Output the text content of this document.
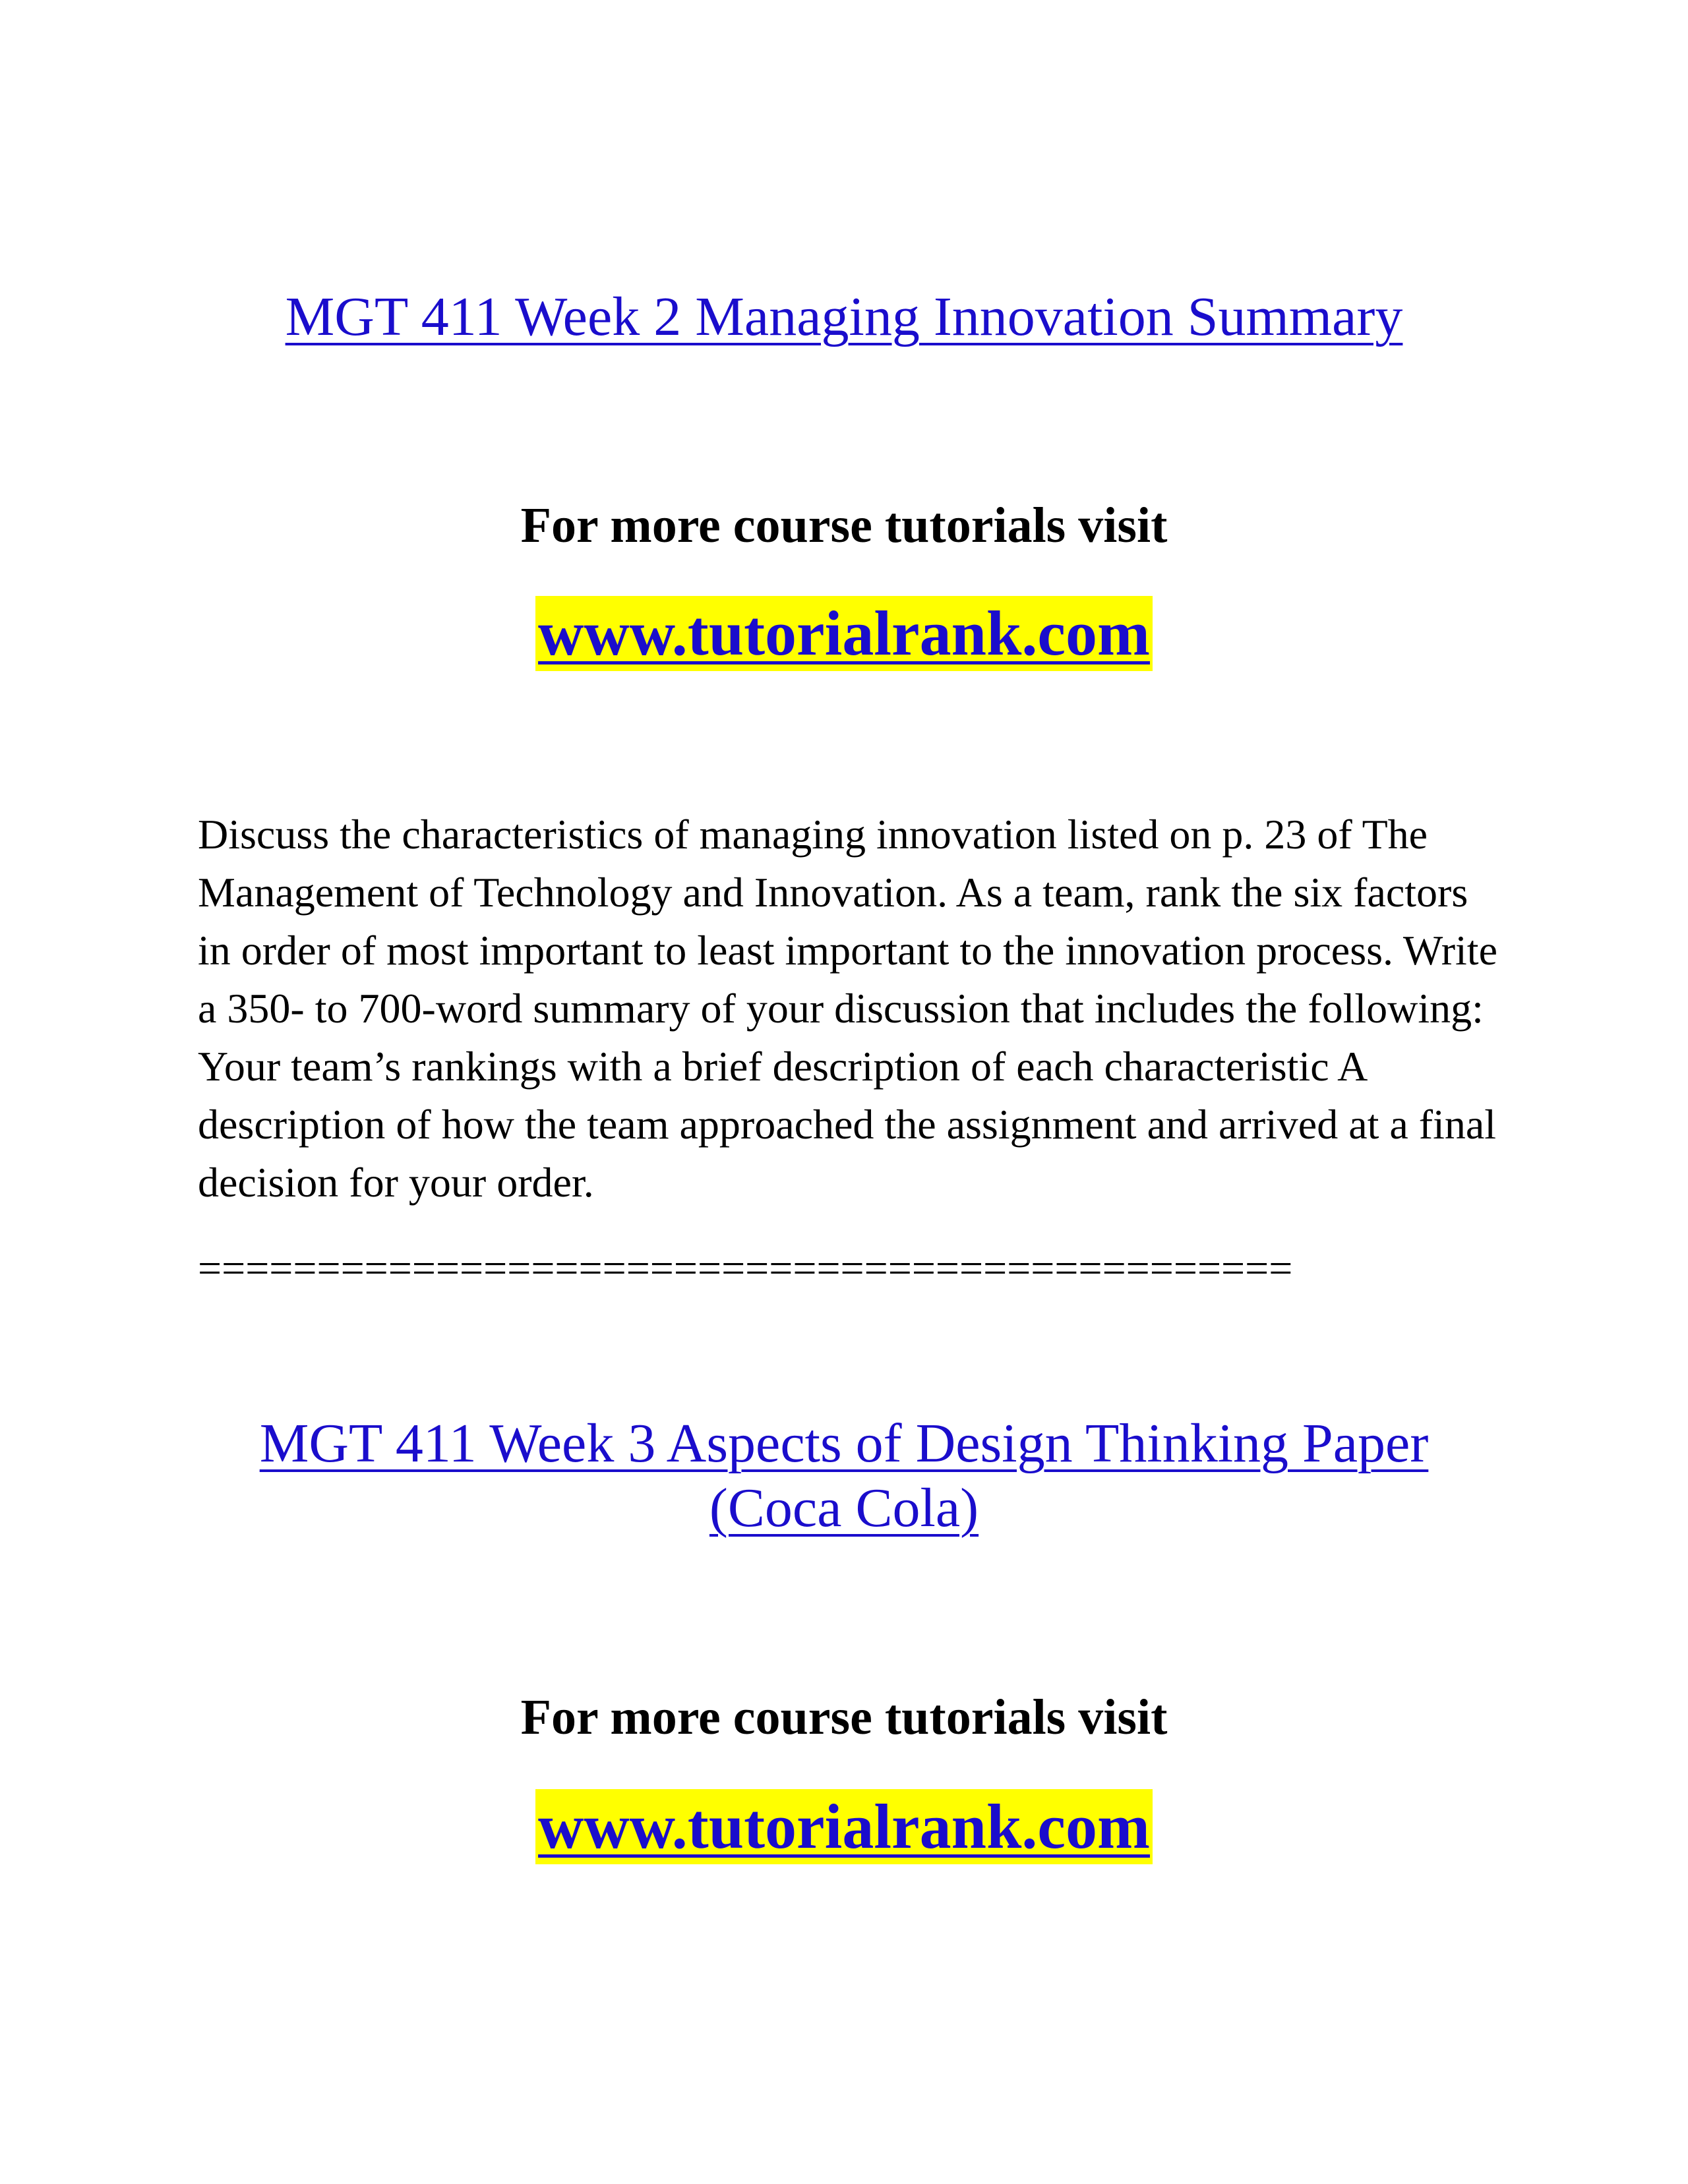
MGT 411 Week 2 Managing Innovation Summary

For more course tutorials visit

www.tutorialrank.com

Discuss the characteristics of managing innovation listed on p. 23 of The Management of Technology and Innovation. As a team, rank the six factors in order of most important to least important to the innovation process. Write a 350- to 700-word summary of your discussion that includes the following: Your team’s rankings with a brief description of each characteristic A description of how the team approached the assignment and arrived at a final decision for your order.

==============================================

MGT 411 Week 3 Aspects of Design Thinking Paper (Coca Cola)

For more course tutorials visit

www.tutorialrank.com
